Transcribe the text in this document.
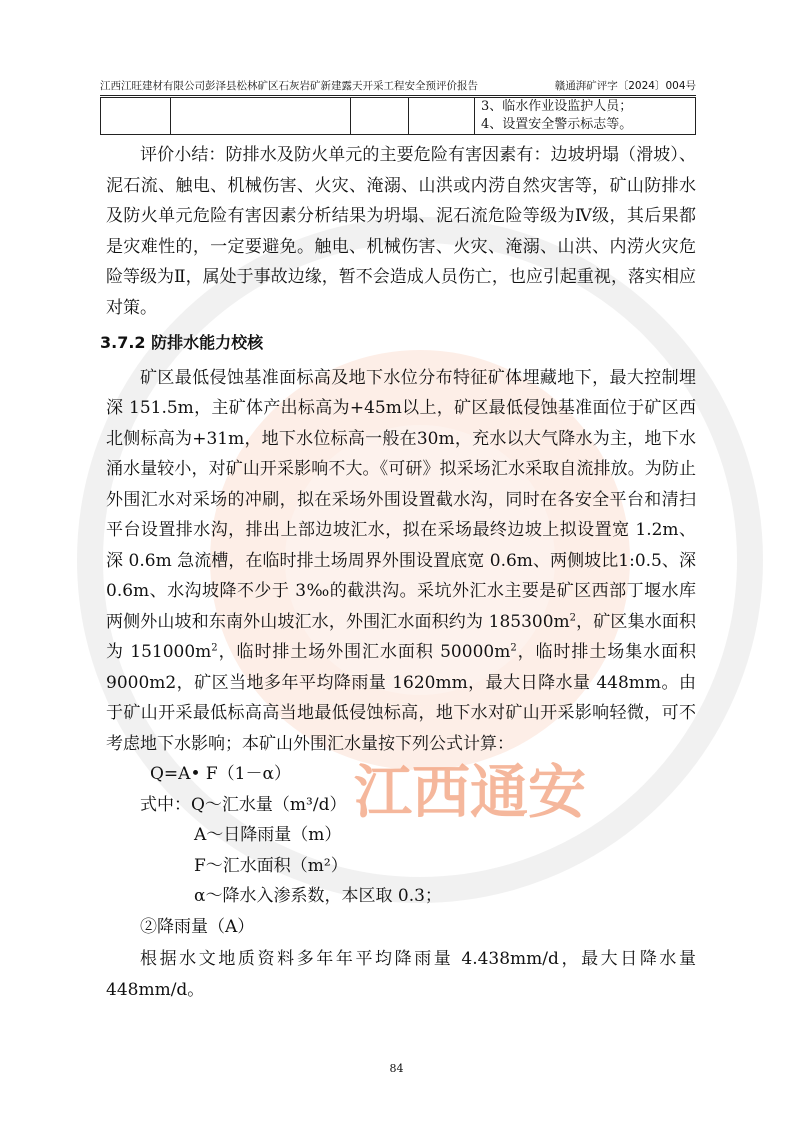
江西通安
江西江旺建材有限公司彭泽县松林矿区石灰岩矿新建露天开采工程安全预评价报告	赣通湃矿评字〔2024〕004号

3、临水作业设监护人员；
4、设置安全警示标志等。

评价小结：防排水及防火单元的主要危险有害因素有：边坡坍塌（滑坡）、泥石流、触电、机械伤害、火灾、淹溺、山洪或内涝自然灾害等，矿山防排水及防火单元危险有害因素分析结果为坍塌、泥石流危险等级为Ⅳ级，其后果都是灾难性的，一定要避免。触电、机械伤害、火灾、淹溺、山洪、内涝火灾危险等级为Ⅱ，属处于事故边缘，暂不会造成人员伤亡，也应引起重视，落实相应对策。

3.7.2 防排水能力校核

矿区最低侵蚀基准面标高及地下水位分布特征矿体埋藏地下，最大控制埋深 151.5m，主矿体产出标高为+45m以上，矿区最低侵蚀基准面位于矿区西北侧标高为+31m，地下水位标高一般在30m，充水以大气降水为主，地下水涌水量较小，对矿山开采影响不大。《可研》拟采场汇水采取自流排放。为防止外围汇水对采场的冲刷，拟在采场外围设置截水沟，同时在各安全平台和清扫平台设置排水沟，排出上部边坡汇水，拟在采场最终边坡上拟设置宽 1.2m、深 0.6m 急流槽，在临时排土场周界外围设置底宽 0.6m、两侧坡比1:0.5、深 0.6m、水沟坡降不少于 3‰的截洪沟。采坑外汇水主要是矿区西部丁堰水库两侧外山坡和东南外山坡汇水，外围汇水面积约为 $185300m^2$，矿区集水面积为 $151000m^2$，临时排土场外围汇水面积 $50000m^2$，临时排土场集水面积 9000m2，矿区当地多年平均降雨量 1620mm，最大日降水量 448mm。由于矿山开采最低标高高当地最低侵蚀标高，地下水对矿山开采影响轻微，可不考虑地下水影响；本矿山外围汇水量按下列公式计算：

Q=A• F（1－α）
式中：Q～汇水量（m³/d）
A～日降雨量（m）
F～汇水面积（m²）
α～降水入渗系数，本区取 0.3；
②降雨量（A）

根据水文地质资料多年年平均降雨量 4.438mm/d，最大日降水量448mm/d。

84
